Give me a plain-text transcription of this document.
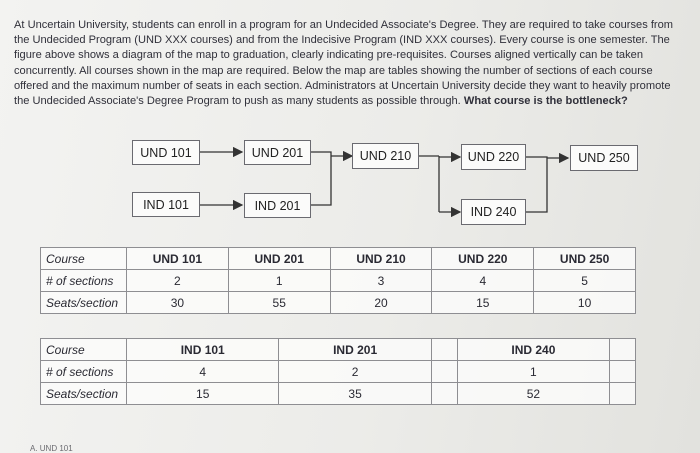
At Uncertain University, students can enroll in a program for an Undecided Associate's Degree. They are required to take courses from the Undecided Program (UND XXX courses) and from the Indecisive Program (IND XXX courses). Every course is one semester. The figure above shows a diagram of the map to graduation, clearly indicating pre-requisites. Courses aligned vertically can be taken concurrently. All courses shown in the map are required. Below the map are tables showing the number of sections of each course offered and the maximum number of seats in each section. Administrators at Uncertain University decide they want to heavily promote the Undecided Associate's Degree Program to push as many students as possible through. What course is the bottleneck?
UND 101	UND 201	UND 210	UND 220	UND 250
IND 101	IND 201	IND 240
Course	UND 101	UND 201	UND 210	UND 220	UND 250
# of sections	2	1	3	4	5
Seats/section	30	55	20	15	10
Course	IND 101	IND 201		IND 240	
# of sections	4	2		1	
Seats/section	15	35		52	
A. UND 101
